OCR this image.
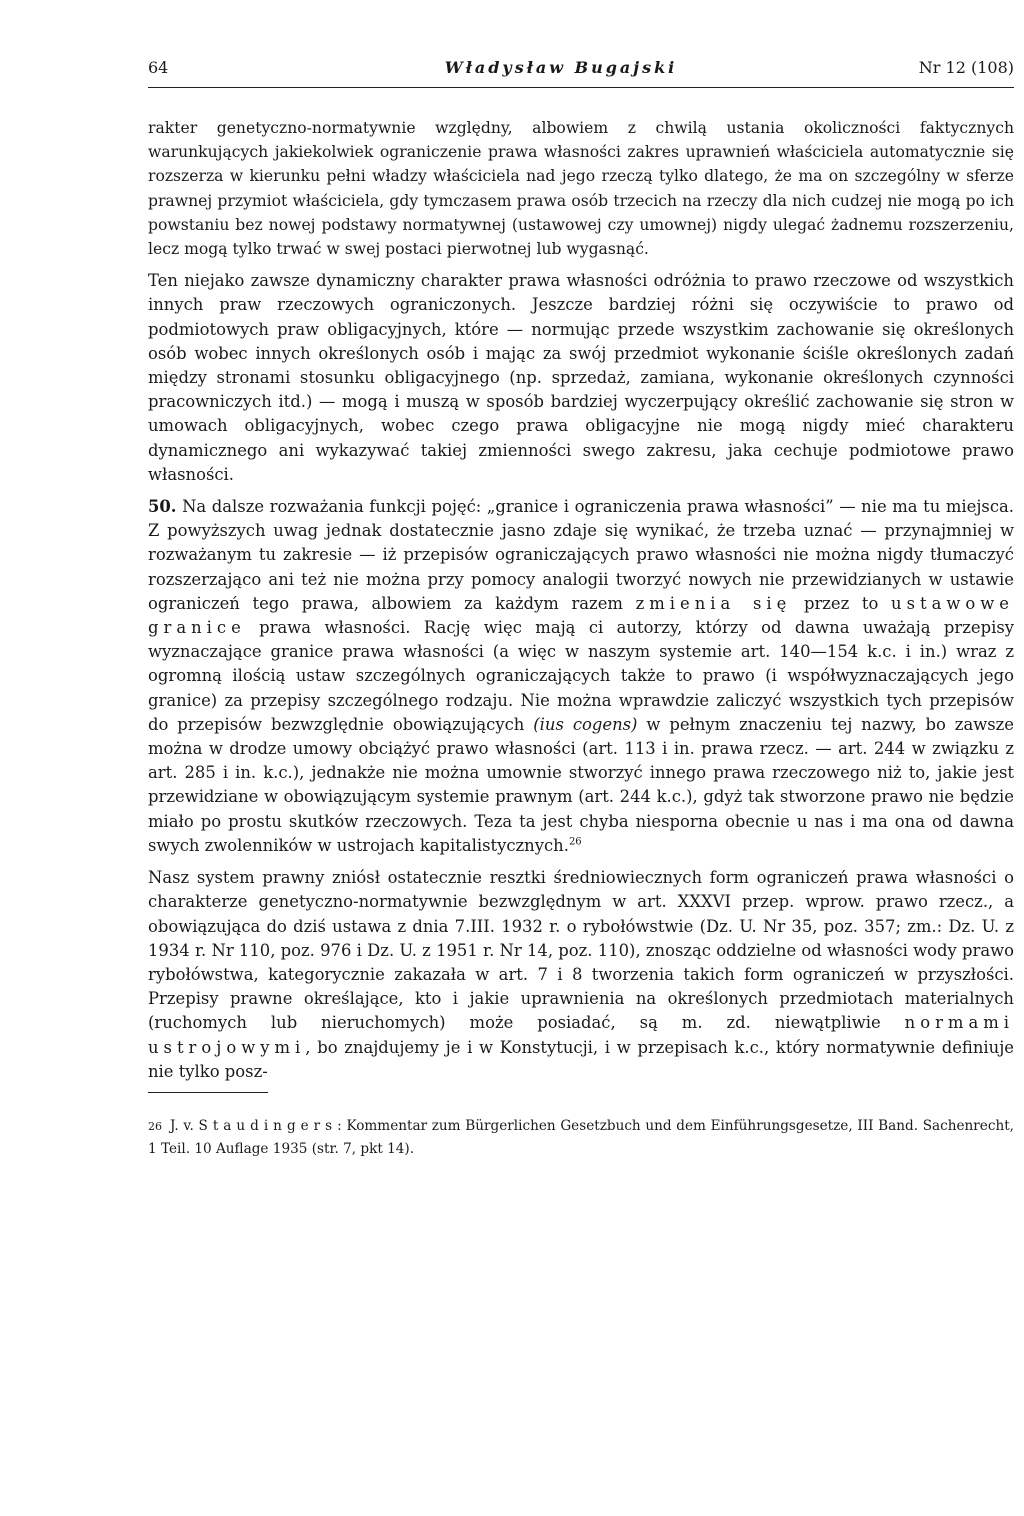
64	Władysław Bugajski	Nr 12 (108)

rakter genetyczno-normatywnie względny, albowiem z chwilą ustania okoliczności faktycznych warunkujących jakiekolwiek ograniczenie prawa własności zakres uprawnień właściciela automatycznie się rozszerza w kierunku pełni władzy właściciela nad jego rzeczą tylko dlatego, że ma on szczególny w sferze prawnej przymiot właściciela, gdy tymczasem prawa osób trzecich na rzeczy dla nich cudzej nie mogą po ich powstaniu bez nowej podstawy normatywnej (ustawowej czy umownej) nigdy ulegać żadnemu rozszerzeniu, lecz mogą tylko trwać w swej postaci pierwotnej lub wygasnąć.

Ten niejako zawsze dynamiczny charakter prawa własności odróżnia to prawo rzeczowe od wszystkich innych praw rzeczowych ograniczonych. Jeszcze bardziej różni się oczywiście to prawo od podmiotowych praw obligacyjnych, które — normując przede wszystkim zachowanie się określonych osób wobec innych określonych osób i mając za swój przedmiot wykonanie ściśle określonych zadań między stronami stosunku obligacyjnego (np. sprzedaż, zamiana, wykonanie określonych czynności pracowniczych itd.) — mogą i muszą w sposób bardziej wyczerpujący określić zachowanie się stron w umowach obligacyjnych, wobec czego prawa obligacyjne nie mogą nigdy mieć charakteru dynamicznego ani wykazywać takiej zmienności swego zakresu, jaka cechuje podmiotowe prawo własności.

50. Na dalsze rozważania funkcji pojęć: „granice i ograniczenia prawa własności” — nie ma tu miejsca. Z powyższych uwag jednak dostatecznie jasno zdaje się wynikać, że trzeba uznać — przynajmniej w rozważanym tu zakresie — iż przepisów ograniczających prawo własności nie można nigdy tłumaczyć rozszerzająco ani też nie można przy pomocy analogii tworzyć nowych nie przewidzianych w ustawie ograniczeń tego prawa, albowiem za każdym razem zmienia się przez to ustawowe granice prawa własności. Rację więc mają ci autorzy, którzy od dawna uważają przepisy wyznaczające granice prawa własności (a więc w naszym systemie art. 140—154 k.c. i in.) wraz z ogromną ilością ustaw szczególnych ograniczających także to prawo (i współwyznaczających jego granice) za przepisy szczególnego rodzaju. Nie można wprawdzie zaliczyć wszystkich tych przepisów do przepisów bezwzględnie obowiązujących (ius cogens) w pełnym znaczeniu tej nazwy, bo zawsze można w drodze umowy obciążyć prawo własności (art. 113 i in. prawa rzecz. — art. 244 w związku z art. 285 i in. k.c.), jednakże nie można umownie stworzyć innego prawa rzeczowego niż to, jakie jest przewidziane w obowiązującym systemie prawnym (art. 244 k.c.), gdyż tak stworzone prawo nie będzie miało po prostu skutków rzeczowych. Teza ta jest chyba niesporna obecnie u nas i ma ona od dawna swych zwolenników w ustrojach kapitalistycznych.$^{26}$

Nasz system prawny zniósł ostatecznie resztki średniowiecznych form ograniczeń prawa własności o charakterze genetyczno-normatywnie bezwzględnym w art. XXXVI przep. wprow. prawo rzecz., a obowiązująca do dziś ustawa z dnia 7.III. 1932 r. o rybołówstwie (Dz. U. Nr 35, poz. 357; zm.: Dz. U. z 1934 r. Nr 110, poz. 976 i Dz. U. z 1951 r. Nr 14, poz. 110), znosząc oddzielne od własności wody prawo rybołówstwa, kategorycznie zakazała w art. 7 i 8 tworzenia takich form ograniczeń w przyszłości. Przepisy prawne określające, kto i jakie uprawnienia na określonych przedmiotach materialnych (ruchomych lub nieruchomych) może posiadać, są m. zd. niewątpliwie normami ustrojowymi, bo znajdujemy je i w Konstytucji, i w przepisach k.c., który normatywnie definiuje nie tylko posz-

26 J. v. Staudingers: Kommentar zum Bürgerlichen Gesetzbuch und dem Einführungsgesetze, III Band. Sachenrecht, 1 Teil. 10 Auflage 1935 (str. 7, pkt 14).
